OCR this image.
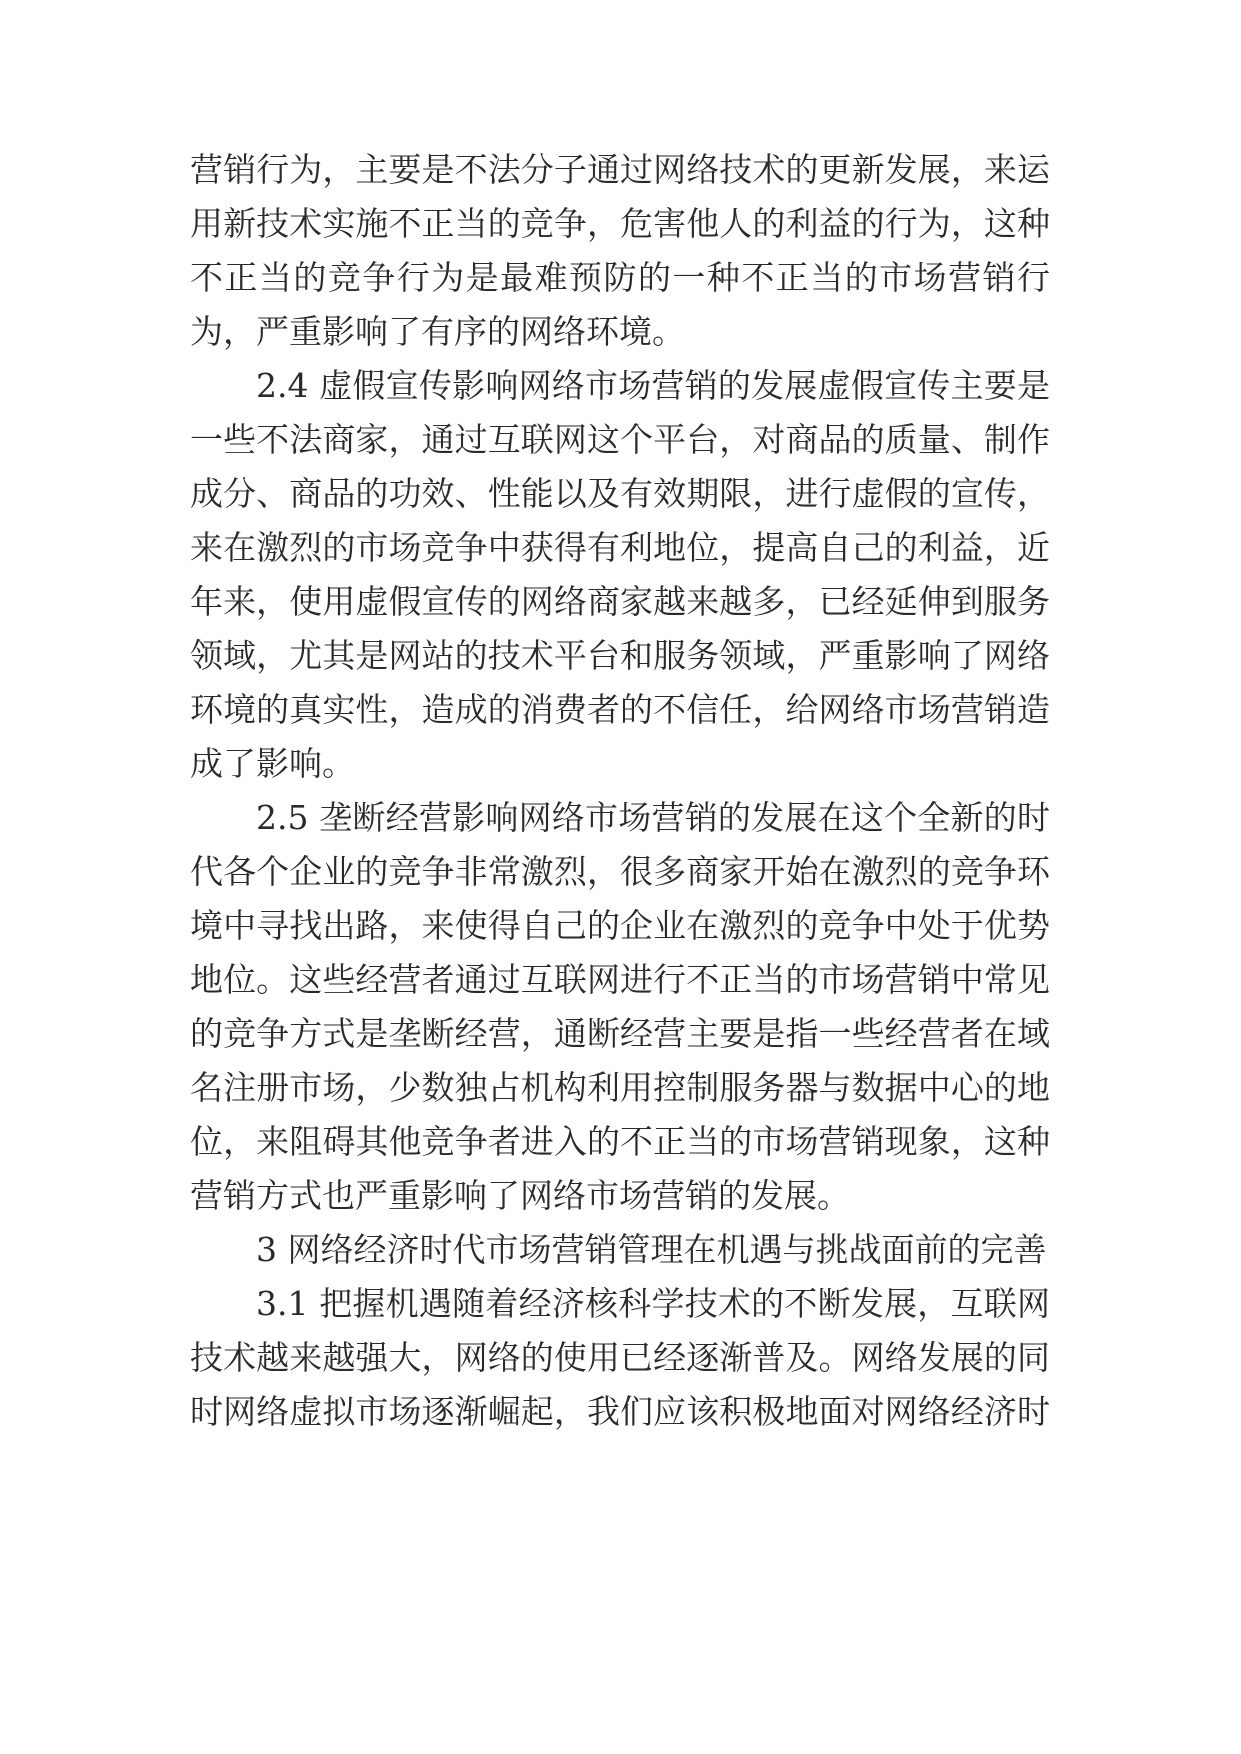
营销行为，主要是不法分子通过网络技术的更新发展，来运
用新技术实施不正当的竞争，危害他人的利益的行为，这种
不正当的竞争行为是最难预防的一种不正当的市场营销行
为，严重影响了有序的网络环境。
2.4 虚假宣传影响网络市场营销的发展虚假宣传主要是
一些不法商家，通过互联网这个平台，对商品的质量、制作
成分、商品的功效、性能以及有效期限，进行虚假的宣传，
来在激烈的市场竞争中获得有利地位，提高自己的利益，近
年来，使用虚假宣传的网络商家越来越多，已经延伸到服务
领域，尤其是网站的技术平台和服务领域，严重影响了网络
环境的真实性，造成的消费者的不信任，给网络市场营销造
成了影响。
2.5 垄断经营影响网络市场营销的发展在这个全新的时
代各个企业的竞争非常激烈，很多商家开始在激烈的竞争环
境中寻找出路，来使得自己的企业在激烈的竞争中处于优势
地位。这些经营者通过互联网进行不正当的市场营销中常见
的竞争方式是垄断经营，通断经营主要是指一些经营者在域
名注册市场，少数独占机构利用控制服务器与数据中心的地
位，来阻碍其他竞争者进入的不正当的市场营销现象，这种
营销方式也严重影响了网络市场营销的发展。
3 网络经济时代市场营销管理在机遇与挑战面前的完善
3.1 把握机遇随着经济核科学技术的不断发展，互联网
技术越来越强大，网络的使用已经逐渐普及。网络发展的同
时网络虚拟市场逐渐崛起，我们应该积极地面对网络经济时
